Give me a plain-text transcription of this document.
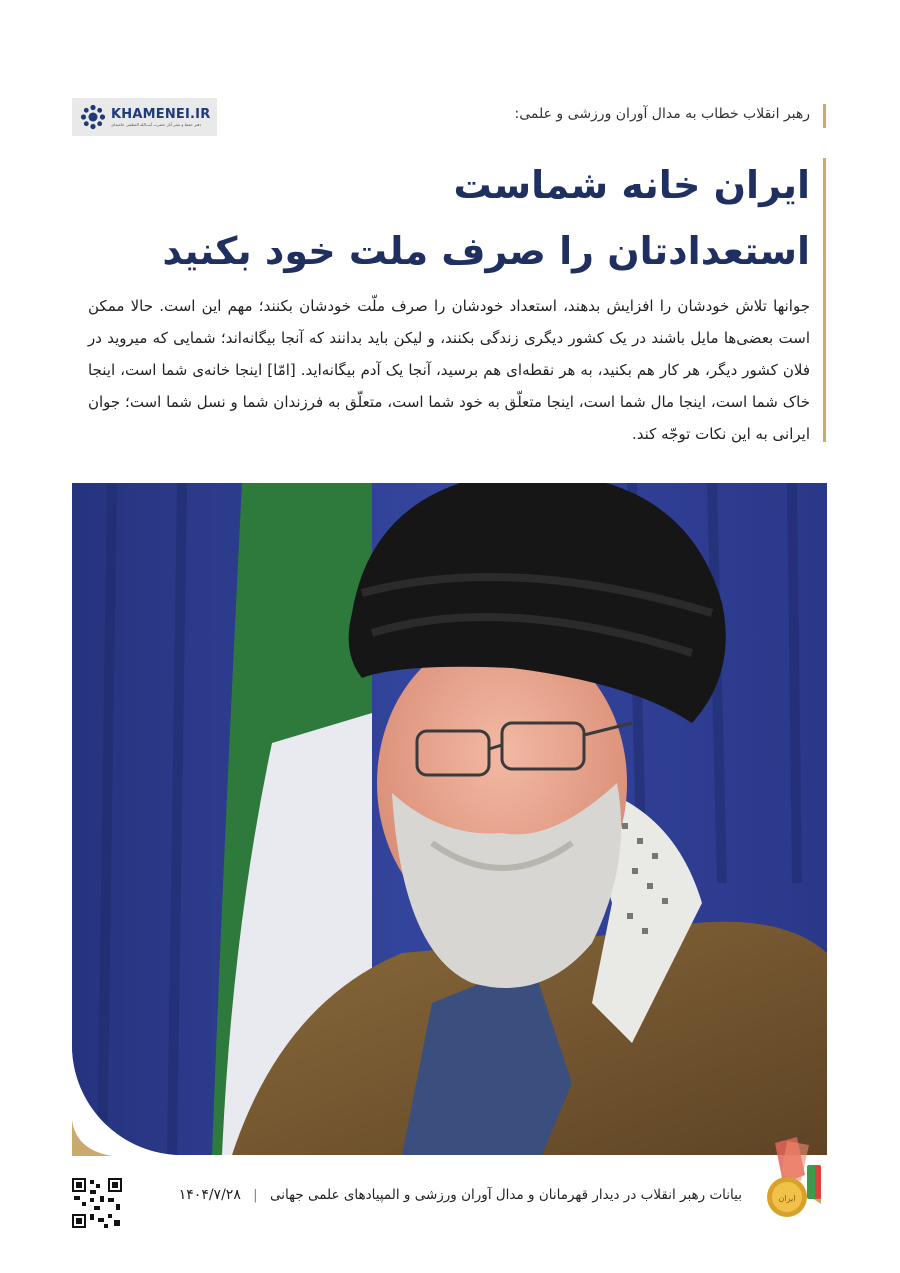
KHAMENEI.IR
دفتر حفظ و نشر آثار حضرت آیت‌الله العظمی خامنه‌ای
رهبر انقلاب خطاب به مدال آوران ورزشی و علمی:
ایران خانه شماست
استعدادتان را صرف ملت خود بکنید
جوانها تلاش خودشان را افزایش بدهند، استعداد خودشان را صرف ملّت خودشان بکنند؛ مهم این است. حالا ممکن است بعضی‌ها مایل باشند در یک کشور دیگری زندگی بکنند، و لیکن باید بدانند که آنجا بیگانه‌اند؛ شمایی که میروید در فلان کشور دیگر، هر کار هم بکنید، به هر نقطه‌ای هم برسید، آنجا یک آدم بیگانه‌اید. [امّا] اینجا خانه‌ی شما است، اینجا خاک شما است، اینجا مال شما است، اینجا متعلّق به خود شما است، متعلّق به فرزندان شما و نسل شما است؛ جوان ایرانی به این نکات توجّه کند.
بیانات رهبر انقلاب در دیدار قهرمانان و مدال آوران ورزشی و المپیادهای علمی جهانی | ۱۴۰۴/۷/۲۸	ایران
